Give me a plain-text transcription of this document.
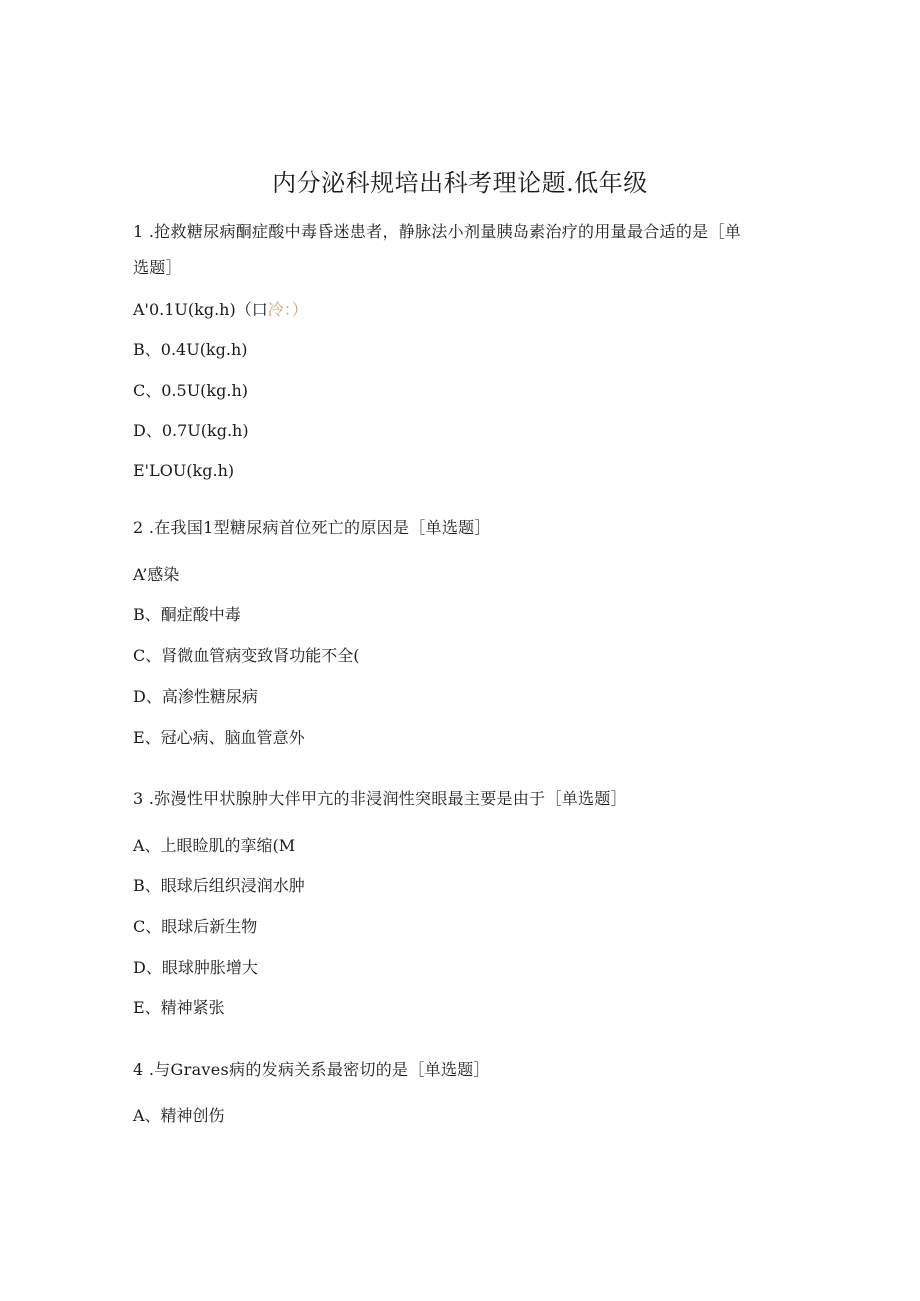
内分泌科规培出科考理论题.低年级
1 .抢救糖尿病酮症酸中毒昏迷患者，静脉法小剂量胰岛素治疗的用量最合适的是［单
选题］
A'0.1U(kg.h)（口冷：）
B、0.4U(kg.h)
C、0.5U(kg.h)
D、0.7U(kg.h)
E'LOU(kg.h)
2 .在我国1型糖尿病首位死亡的原因是［单选题］
A’感染
B、酮症酸中毒
C、肾微血管病变致肾功能不全(
D、高渗性糖尿病
E、冠心病、脑血管意外
3 .弥漫性甲状腺肿大伴甲亢的非浸润性突眼最主要是由于［单选题］
A、上眼睑肌的挛缩(M
B、眼球后组织浸润水肿
C、眼球后新生物
D、眼球肿胀增大
E、精神紧张
4 .与Graves病的发病关系最密切的是［单选题］
A、精神创伤
